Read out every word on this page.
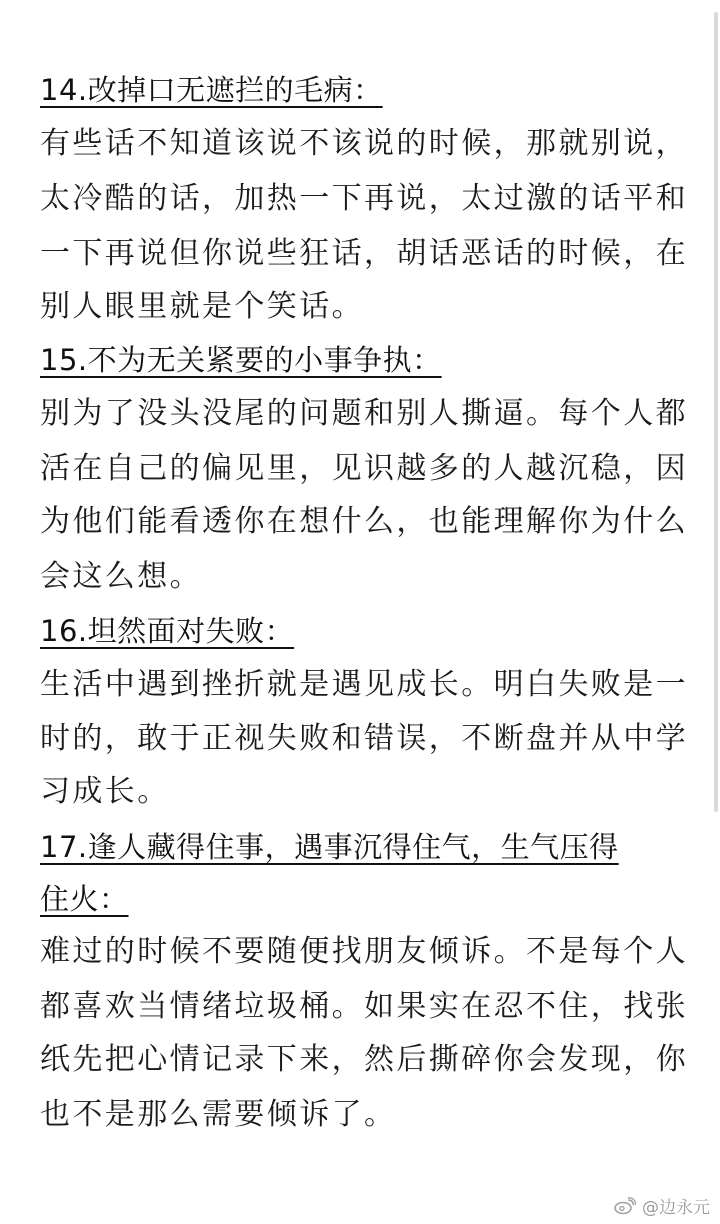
14.改掉口无遮拦的毛病：
有些话不知道该说不该说的时候，那就别说，
太冷酷的话，加热一下再说，太过激的话平和
一下再说但你说些狂话，胡话恶话的时候，在
别人眼里就是个笑话。
15.不为无关紧要的小事争执：
别为了没头没尾的问题和别人撕逼。每个人都
活在自己的偏见里，见识越多的人越沉稳，因
为他们能看透你在想什么，也能理解你为什么
会这么想。
16.坦然面对失败：
生活中遇到挫折就是遇见成长。明白失败是一
时的，敢于正视失败和错误，不断盘并从中学
习成长。
17.逢人藏得住事，遇事沉得住气，生气压得
住火：
难过的时候不要随便找朋友倾诉。不是每个人
都喜欢当情绪垃圾桶。如果实在忍不住，找张
纸先把心情记录下来，然后撕碎你会发现，你
也不是那么需要倾诉了。
@边永元
